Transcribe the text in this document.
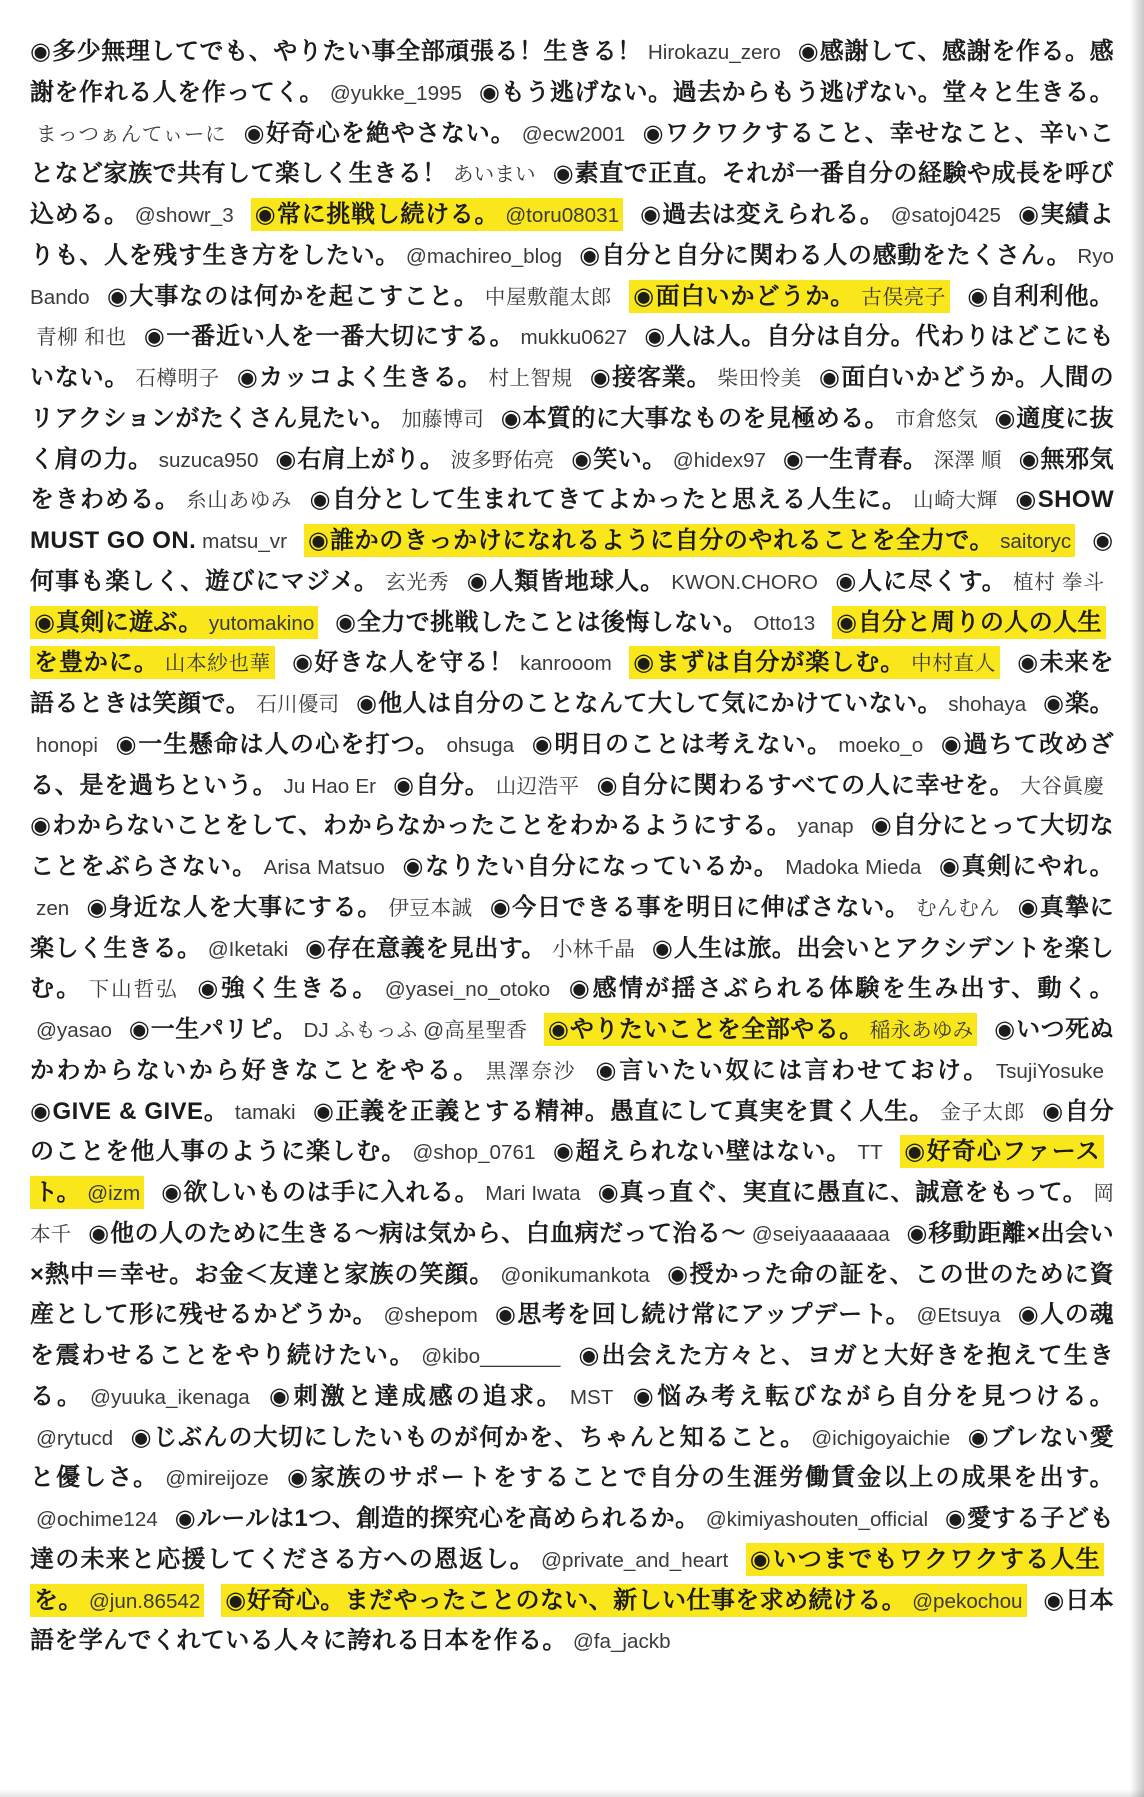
◉多少無理してでも、やりたい事全部頑張る！生きる！ Hirokazu_zero ◉感謝して、感謝を作る。感謝を作れる人を作ってく。 @yukke_1995 ◉もう逃げない。過去からもう逃げない。堂々と生きる。まっつぁんてぃーに ◉好奇心を絶やさない。 @ecw2001 ◉ワクワクすること、幸せなこと、辛いことなど家族で共有して楽しく生きる！ あいまい ◉素直で正直。それが一番自分の経験や成長を呼び込める。 @showr_3 ◉常に挑戦し続ける。 @toru08031 ◉過去は変えられる。 @satoj0425 ◉実績よりも、人を残す生き方をしたい。 @machireo_blog ◉自分と自分に関わる人の感動をたくさん。 Ryo Bando ◉大事なのは何かを起こすこと。 中屋敷龍太郎 ◉面白いかどうか。 古俣亮子 ◉自利利他。青柳 和也 ◉一番近い人を一番大切にする。 mukku0627 ◉人は人。自分は自分。代わりはどこにもいない。 石樽明子 ◉カッコよく生きる。 村上智規 ◉接客業。 柴田怜美 ◉面白いかどうか。人間のリアクションがたくさん見たい。 加藤博司 ◉本質的に大事なものを見極める。 市倉悠気 ◉適度に抜く肩の力。 suzuca950 ◉右肩上がり。 波多野佑亮 ◉笑い。 @hidex97 ◉一生青春。 深澤 順 ◉無邪気をきわめる。 糸山あゆみ ◉自分として生まれてきてよかったと思える人生に。 山崎大輝 ◉SHOW MUST GO ON. matsu_vr ◉誰かのきっかけになれるように自分のやれることを全力で。 saitoryc ◉何事も楽しく、遊びにマジメ。 玄光秀 ◉人類皆地球人。 KWON.CHORO ◉人に尽くす。 植村 拳斗 ◉真剣に遊ぶ。 yutomakino ◉全力で挑戦したことは後悔しない。 Otto13 ◉自分と周りの人の人生を豊かに。 山本紗也華 ◉好きな人を守る！ kanrooom ◉まずは自分が楽しむ。 中村直人 ◉未来を語るときは笑顔で。 石川優司 ◉他人は自分のことなんて大して気にかけていない。 shohaya ◉楽。honopi ◉一生懸命は人の心を打つ。 ohsuga ◉明日のことは考えない。 moeko_o ◉過ちて改めざる、是を過ちという。 Ju Hao Er ◉自分。 山辺浩平 ◉自分に関わるすべての人に幸せを。 大谷眞慶 ◉わからないことをして、わからなかったことをわかるようにする。 yanap ◉自分にとって大切なことをぶらさない。 Arisa Matsuo ◉なりたい自分になっているか。 Madoka Mieda ◉真剣にやれ。zen ◉身近な人を大事にする。 伊豆本誠 ◉今日できる事を明日に伸ばさない。 むんむん ◉真摯に楽しく生きる。 @Iketaki ◉存在意義を見出す。 小林千晶 ◉人生は旅。出会いとアクシデントを楽しむ。 下山哲弘 ◉強く生きる。 @yasei_no_otoko ◉感情が揺さぶられる体験を生み出す、動く。@yasao ◉一生パリピ。 DJ ふもっふ @高星聖香 ◉やりたいことを全部やる。 稲永あゆみ ◉いつ死ぬかわからないから好きなことをやる。 黒澤奈沙 ◉言いたい奴には言わせておけ。 TsujiYosuke ◉GIVE & GIVE。 tamaki ◉正義を正義とする精神。愚直にして真実を貫く人生。 金子太郎 ◉自分のことを他人事のように楽しむ。 @shop_0761 ◉超えられない壁はない。 TT ◉好奇心ファースト。 @izm ◉欲しいものは手に入れる。 Mari Iwata ◉真っ直ぐ、実直に愚直に、誠意をもって。 岡本千 ◉他の人のために生きる〜病は気から、白血病だって治る〜 @seiyaaaaaaa ◉移動距離×出会い×熱中＝幸せ。お金＜友達と家族の笑顔。 @onikumankota ◉授かった命の証を、この世のために資産として形に残せるかどうか。 @shepom ◉思考を回し続け常にアップデート。 @Etsuya ◉人の魂を震わせることをやり続けたい。 @kibo_______ ◉出会えた方々と、ヨガと大好きを抱えて生きる。 @yuuka_ikenaga ◉刺激と達成感の追求。 MST ◉悩み考え転びながら自分を見つける。@rytucd ◉じぶんの大切にしたいものが何かを、ちゃんと知ること。 @ichigoyaichie ◉ブレない愛と優しさ。 @mireijoze ◉家族のサポートをすることで自分の生涯労働賃金以上の成果を出す。@ochime124 ◉ルールは1つ、創造的探究心を高められるか。 @kimiyashouten_official ◉愛する子ども達の未来と応援してくださる方への恩返し。 @private_and_heart ◉いつまでもワクワクする人生を。 @jun.86542 ◉好奇心。まだやったことのない、新しい仕事を求め続ける。 @pekochou ◉日本語を学んでくれている人々に誇れる日本を作る。 @fa_jackb
